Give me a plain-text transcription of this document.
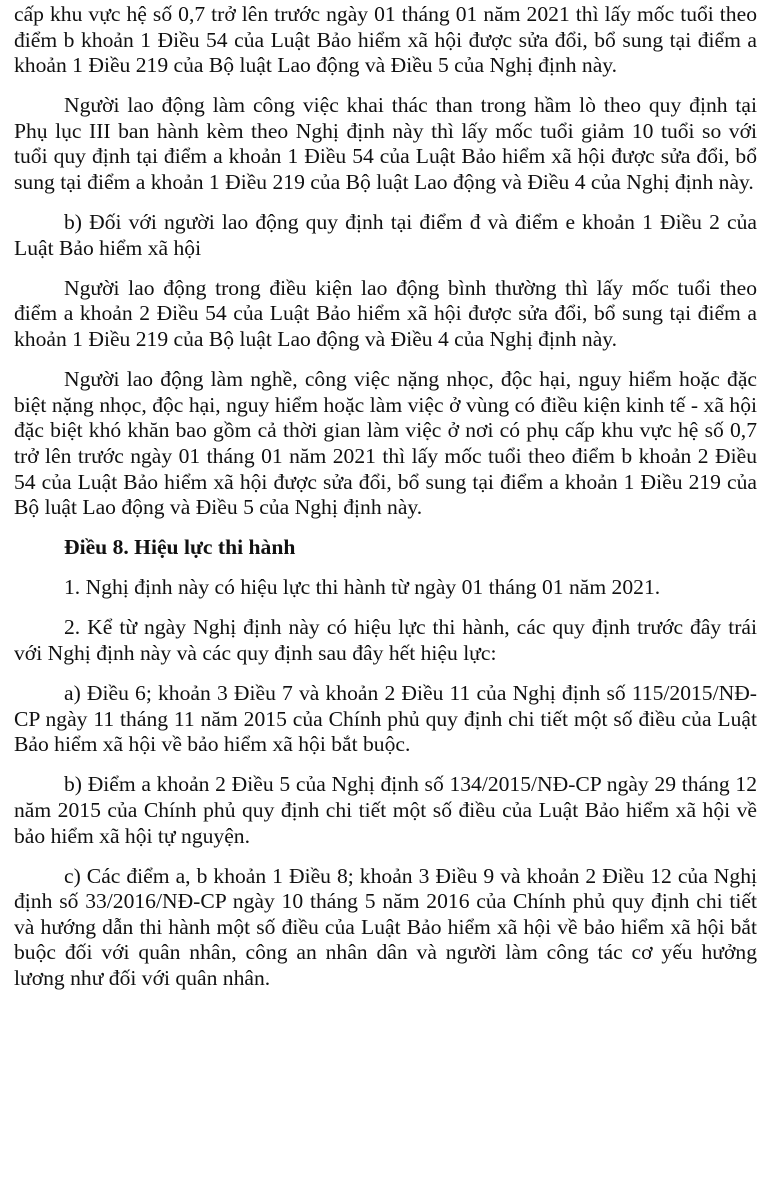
cấp khu vực hệ số 0,7 trở lên trước ngày 01 tháng 01 năm 2021 thì lấy mốc tuổi theo điểm b khoản 1 Điều 54 của Luật Bảo hiểm xã hội được sửa đổi, bổ sung tại điểm a khoản 1 Điều 219 của Bộ luật Lao động và Điều 5 của Nghị định này.

Người lao động làm công việc khai thác than trong hầm lò theo quy định tại Phụ lục III ban hành kèm theo Nghị định này thì lấy mốc tuổi giảm 10 tuổi so với tuổi quy định tại điểm a khoản 1 Điều 54 của Luật Bảo hiểm xã hội được sửa đổi, bổ sung tại điểm a khoản 1 Điều 219 của Bộ luật Lao động và Điều 4 của Nghị định này.

b) Đối với người lao động quy định tại điểm đ và điểm e khoản 1 Điều 2 của Luật Bảo hiểm xã hội

Người lao động trong điều kiện lao động bình thường thì lấy mốc tuổi theo điểm a khoản 2 Điều 54 của Luật Bảo hiểm xã hội được sửa đổi, bổ sung tại điểm a khoản 1 Điều 219 của Bộ luật Lao động và Điều 4 của Nghị định này.

Người lao động làm nghề, công việc nặng nhọc, độc hại, nguy hiểm hoặc đặc biệt nặng nhọc, độc hại, nguy hiểm hoặc làm việc ở vùng có điều kiện kinh tế - xã hội đặc biệt khó khăn bao gồm cả thời gian làm việc ở nơi có phụ cấp khu vực hệ số 0,7 trở lên trước ngày 01 tháng 01 năm 2021 thì lấy mốc tuổi theo điểm b khoản 2 Điều 54 của Luật Bảo hiểm xã hội được sửa đổi, bổ sung tại điểm a khoản 1 Điều 219 của Bộ luật Lao động và Điều 5 của Nghị định này.

Điều 8. Hiệu lực thi hành

1. Nghị định này có hiệu lực thi hành từ ngày 01 tháng 01 năm 2021.

2. Kể từ ngày Nghị định này có hiệu lực thi hành, các quy định trước đây trái với Nghị định này và các quy định sau đây hết hiệu lực:

a) Điều 6; khoản 3 Điều 7 và khoản 2 Điều 11 của Nghị định số 115/2015/NĐ-CP ngày 11 tháng 11 năm 2015 của Chính phủ quy định chi tiết một số điều của Luật Bảo hiểm xã hội về bảo hiểm xã hội bắt buộc.

b) Điểm a khoản 2 Điều 5 của Nghị định số 134/2015/NĐ-CP ngày 29 tháng 12 năm 2015 của Chính phủ quy định chi tiết một số điều của Luật Bảo hiểm xã hội về bảo hiểm xã hội tự nguyện.

c) Các điểm a, b khoản 1 Điều 8; khoản 3 Điều 9 và khoản 2 Điều 12 của Nghị định số 33/2016/NĐ-CP ngày 10 tháng 5 năm 2016 của Chính phủ quy định chi tiết và hướng dẫn thi hành một số điều của Luật Bảo hiểm xã hội về bảo hiểm xã hội bắt buộc đối với quân nhân, công an nhân dân và người làm công tác cơ yếu hưởng lương như đối với quân nhân.
